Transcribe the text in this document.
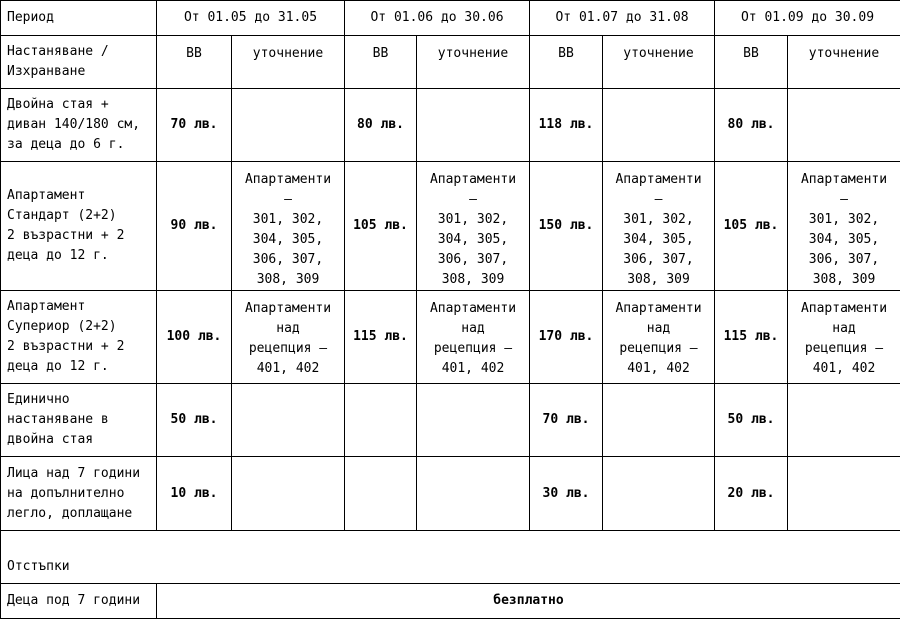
Период	От 01.05 до 31.05		От 01.06 до 30.06		От 01.07 до 31.08		От 01.09 до 30.09	
Настаняване /
Изхранване	ВВ	уточнение	ВВ	уточнение	ВВ	уточнение	ВВ	уточнение
Двойна стая +
диван 140/180 см,
за деца до 6 г.	70 лв.		80 лв.		118 лв.		80 лв.	
Апартамент
Стандарт (2+2)
2 възрастни + 2
деца до 12 г.	90 лв.	Апартаменти –
301, 302,
304, 305,
306, 307,
308, 309	105 лв.	Апартаменти –
301, 302,
304, 305,
306, 307,
308, 309	150 лв.	Апартаменти –
301, 302,
304, 305,
306, 307,
308, 309	105 лв.	Апартаменти –
301, 302,
304, 305,
306, 307,
308, 309
Апартамент
Супериор (2+2)
2 възрастни + 2
деца до 12 г.	100 лв.	Апартаменти
над
рецепция –
401, 402	115 лв.	Апартаменти
над
рецепция –
401, 402	170 лв.	Апартаменти
над
рецепция –
401, 402	115 лв.	Апартаменти
над
рецепция –
401, 402
Единично
настаняване в
двойна стая	50 лв.				70 лв.		50 лв.	
Лица над 7 години
на допълнително
легло, доплащане	10 лв.				30 лв.		20 лв.	
Отстъпки								
Деца под 7 години	безплатно							
